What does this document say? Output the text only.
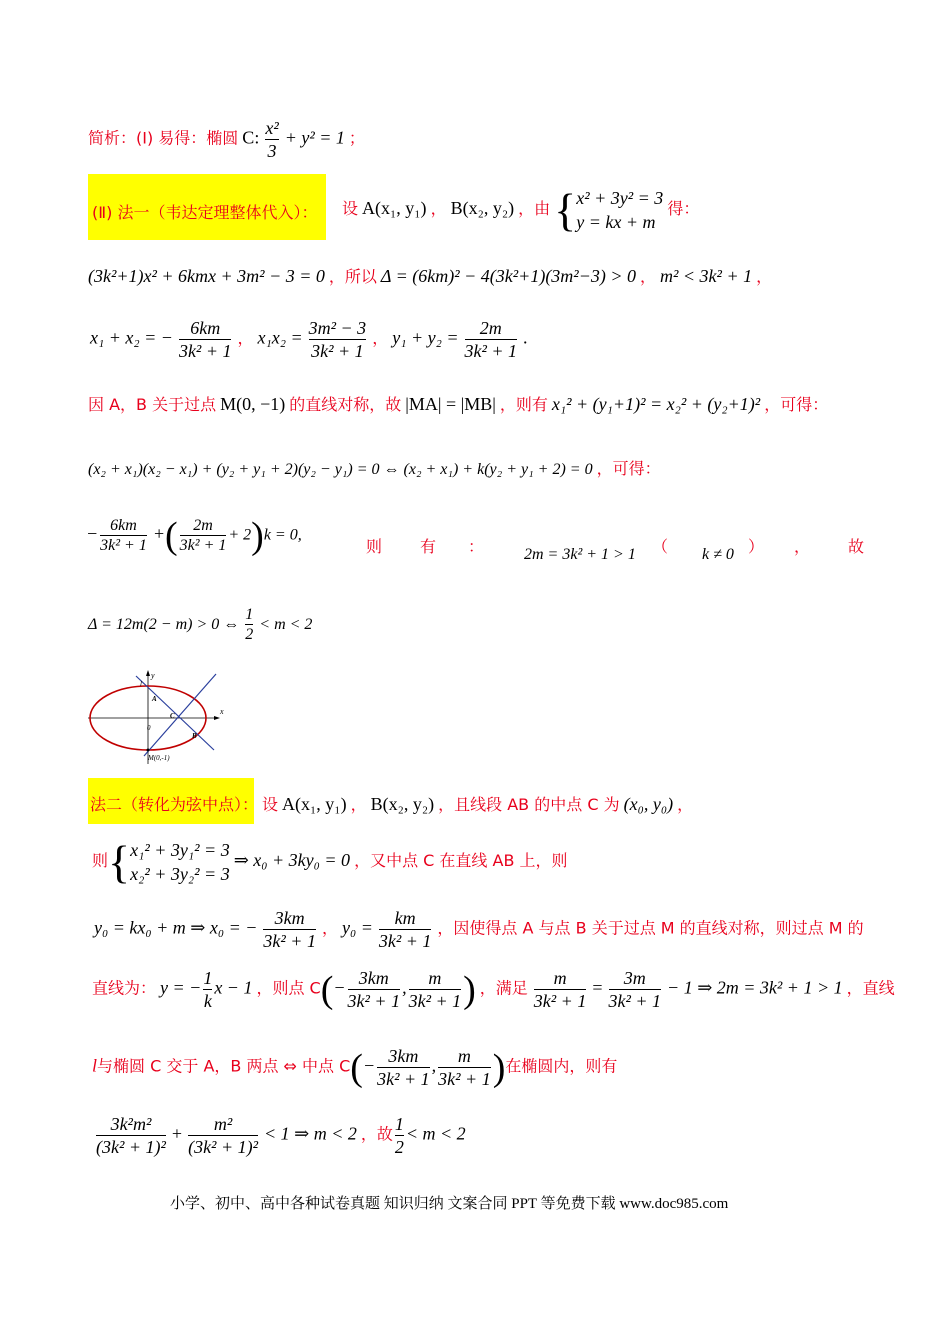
简析：(Ⅰ) 易得：椭圆 C: $\frac{\text{x²}}{3} + y^2 = 1$ ；
(Ⅱ) 法一（韦达定理整体代入）： 设 A(x₁, y₁) ， B(x₂, y₂) ，由 { x² + 3y² = 3
y = kx + m
得：
(3k²+1)x² + 6kmx + 3m² − 3 = 0 ，所以 Δ = (6km)² − 4(3k²+1)(3m²−3) > 0 ， m² < 3k² + 1 ，
x₁ + x₂ = − $\frac{6km}{\text{3k² + 1}}$ ， $x_1x_2 = \frac{\text{3m² − 3}}{\text{3k² + 1}}$ ， $y_1 + y_2 = \frac{2m}{\text{3k² + 1}}$ .
因 A，B 关于过点 M(0, −1) 的直线对称，故 |MA| = |MB| ，则有 x₁² + (y₁+1)² = x₂² + (y₂+1)² ，可得：
(x₂ + x₁)(x₂ − x₁) + (y₂ + y₁ + 2)(y₂ − y₁) = 0 ⇔ (x₂ + x₁) + k(y₂ + y₁ + 2) = 0 ，可得：
− $\frac{6km}{\text{3k² + 1}}$ +( $\frac{2m}{\text{3k² + 1}} + 2)k = 0$,
则 有 ： 2m = 3k² + 1 > 1 （ k ≠ 0 ） ， 故
Δ = 12m(2 − m) > 0 ⇔ $\frac{1}{2} < m < 2$
y
x
l
A
C
B
0
M(0,-1)
法二（转化为弦中点）： 设 A(x₁, y₁) ， B(x₂, y₂) ，且线段 AB 的中点 C 为 (x₀, y₀) ，
则{ x₁² + 3y₁² = 3
x₂² + 3y₂² = 3
⇒ x₀ + 3ky₀ = 0 ，又中点 C 在直线 AB 上，则
y₀ = kx₀ + m ⇒ x₀ = − $\frac{3km}{\text{3k² + 1}}$ ， $y_0 = \frac{km}{\text{3k² + 1}}$ ，因使得点 A 与点 B 关于过点 M 的直线对称，则过点 M 的
直线为： y = − $\frac{1}{k}$ x − 1 ，则点 $C(- \frac{3km}{\text{3k² + 1}}$ , $\frac{m}{\text{3k² + 1}}$ ) ，满足 $\frac{m}{\text{3k² + 1}} = \frac{3m}{\text{3k² + 1}} - 1$ ⇒ 2m = 3k² + 1 > 1 ，直线
l与椭圆 C 交于 A，B 两点 ⇔ 中点 $C(- \frac{3km}{\text{3k² + 1}}$ , $\frac{m}{\text{3k² + 1}}$ )在椭圆内，则有
$\frac{\text{3k²m²}}{\text{(3k² + 1)²}} + \frac{\text{m²}}{\text{(3k² + 1)²}} < 1$ ⇒ m < 2 ，故 $\frac{1}{2} < m < 2$
小学、初中、高中各种试卷真题 知识归纳 文案合同 PPT 等免费下载 www.doc985.com
